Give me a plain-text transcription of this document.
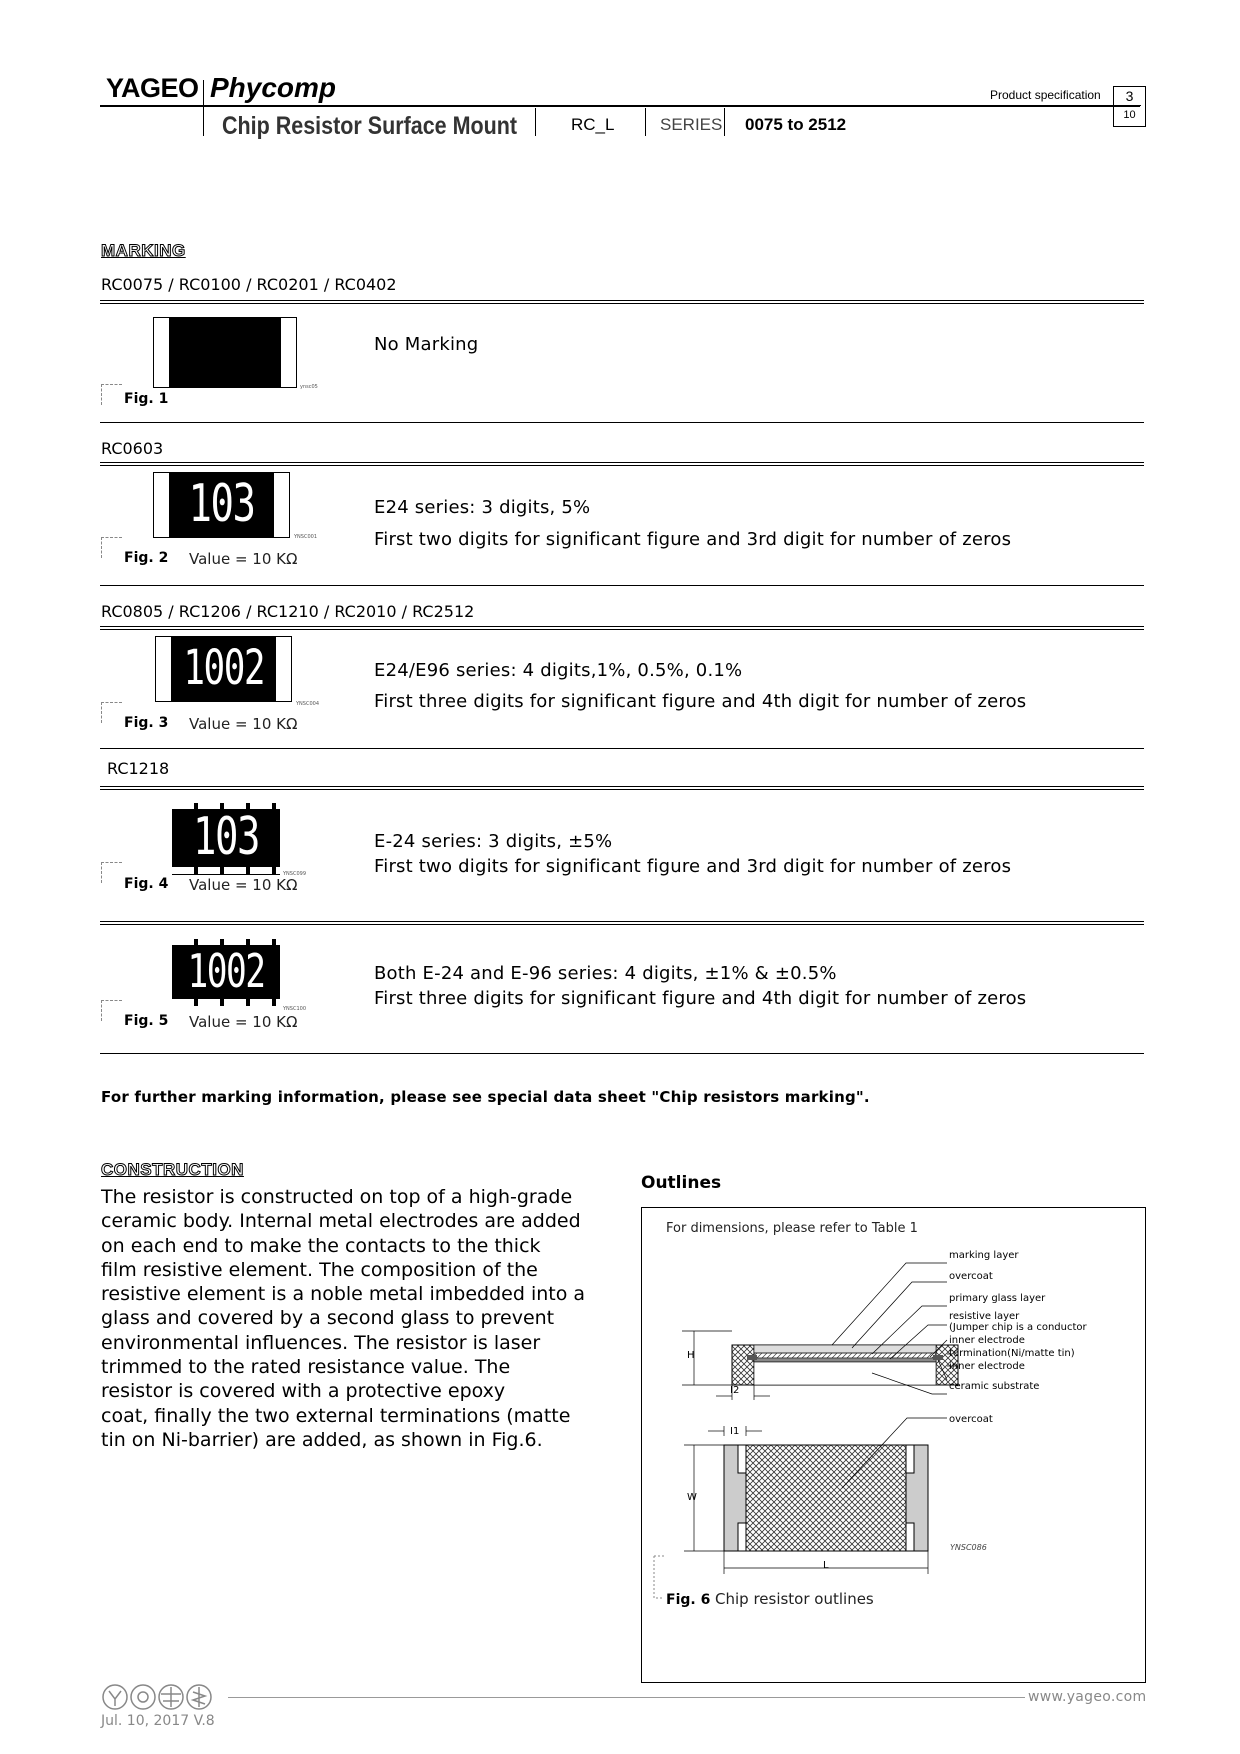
YAGEO Phycomp
Chip Resistor Surface Mount	RC_L	SERIES 0075 to 2512
Product specification	3
10
MARKING
RC0075 / RC0100 / RC0201 / RC0402
ynsc05
Fig. 1
No Marking
RC0603
103
YNSC001
Fig. 2 Value = 10 KΩ
E24 series: 3 digits, 5%
First two digits for significant figure and 3rd digit for number of zeros
RC0805 / RC1206 / RC1210 / RC2010 / RC2512
1002
YNSC004
Fig. 3 Value = 10 KΩ
E24/E96 series: 4 digits,1%, 0.5%, 0.1%
First three digits for significant figure and 4th digit for number of zeros
RC1218
103
YNSC099
Fig. 4 Value = 10 KΩ
E-24 series: 3 digits, ±5%
First two digits for significant figure and 3rd digit for number of zeros
1002
YNSC100
Fig. 5 Value = 10 KΩ
Both E-24 and E-96 series: 4 digits, ±1% & ±0.5%
First three digits for significant figure and 4th digit for number of zeros
For further marking information, please see special data sheet "Chip resistors marking".
CONSTRUCTION

The resistor is constructed on top of a high-grade

ceramic body. Internal metal electrodes are added

on each end to make the contacts to the thick

film resistive element. The composition of the

resistive element is a noble metal imbedded into a

glass and covered by a second glass to prevent

environmental influences. The resistor is laser

trimmed to the rated resistance value. The

resistor is covered with a protective epoxy

coat, finally the two external terminations (matte

tin on Ni-barrier) are added, as shown in Fig.6.

Outlines
For dimensions, please refer to Table 1
marking layer
overcoat
primary glass layer
resistive layer
(Jumper chip is a conductor
inner electrode
termination(Ni/matte tin)
inner electrode
ceramic substrate
H
I2
overcoat
I1
W
L
YNSC086
Fig. 6 Chip resistor outlines
www.yageo.com
Jul. 10, 2017 V.8
